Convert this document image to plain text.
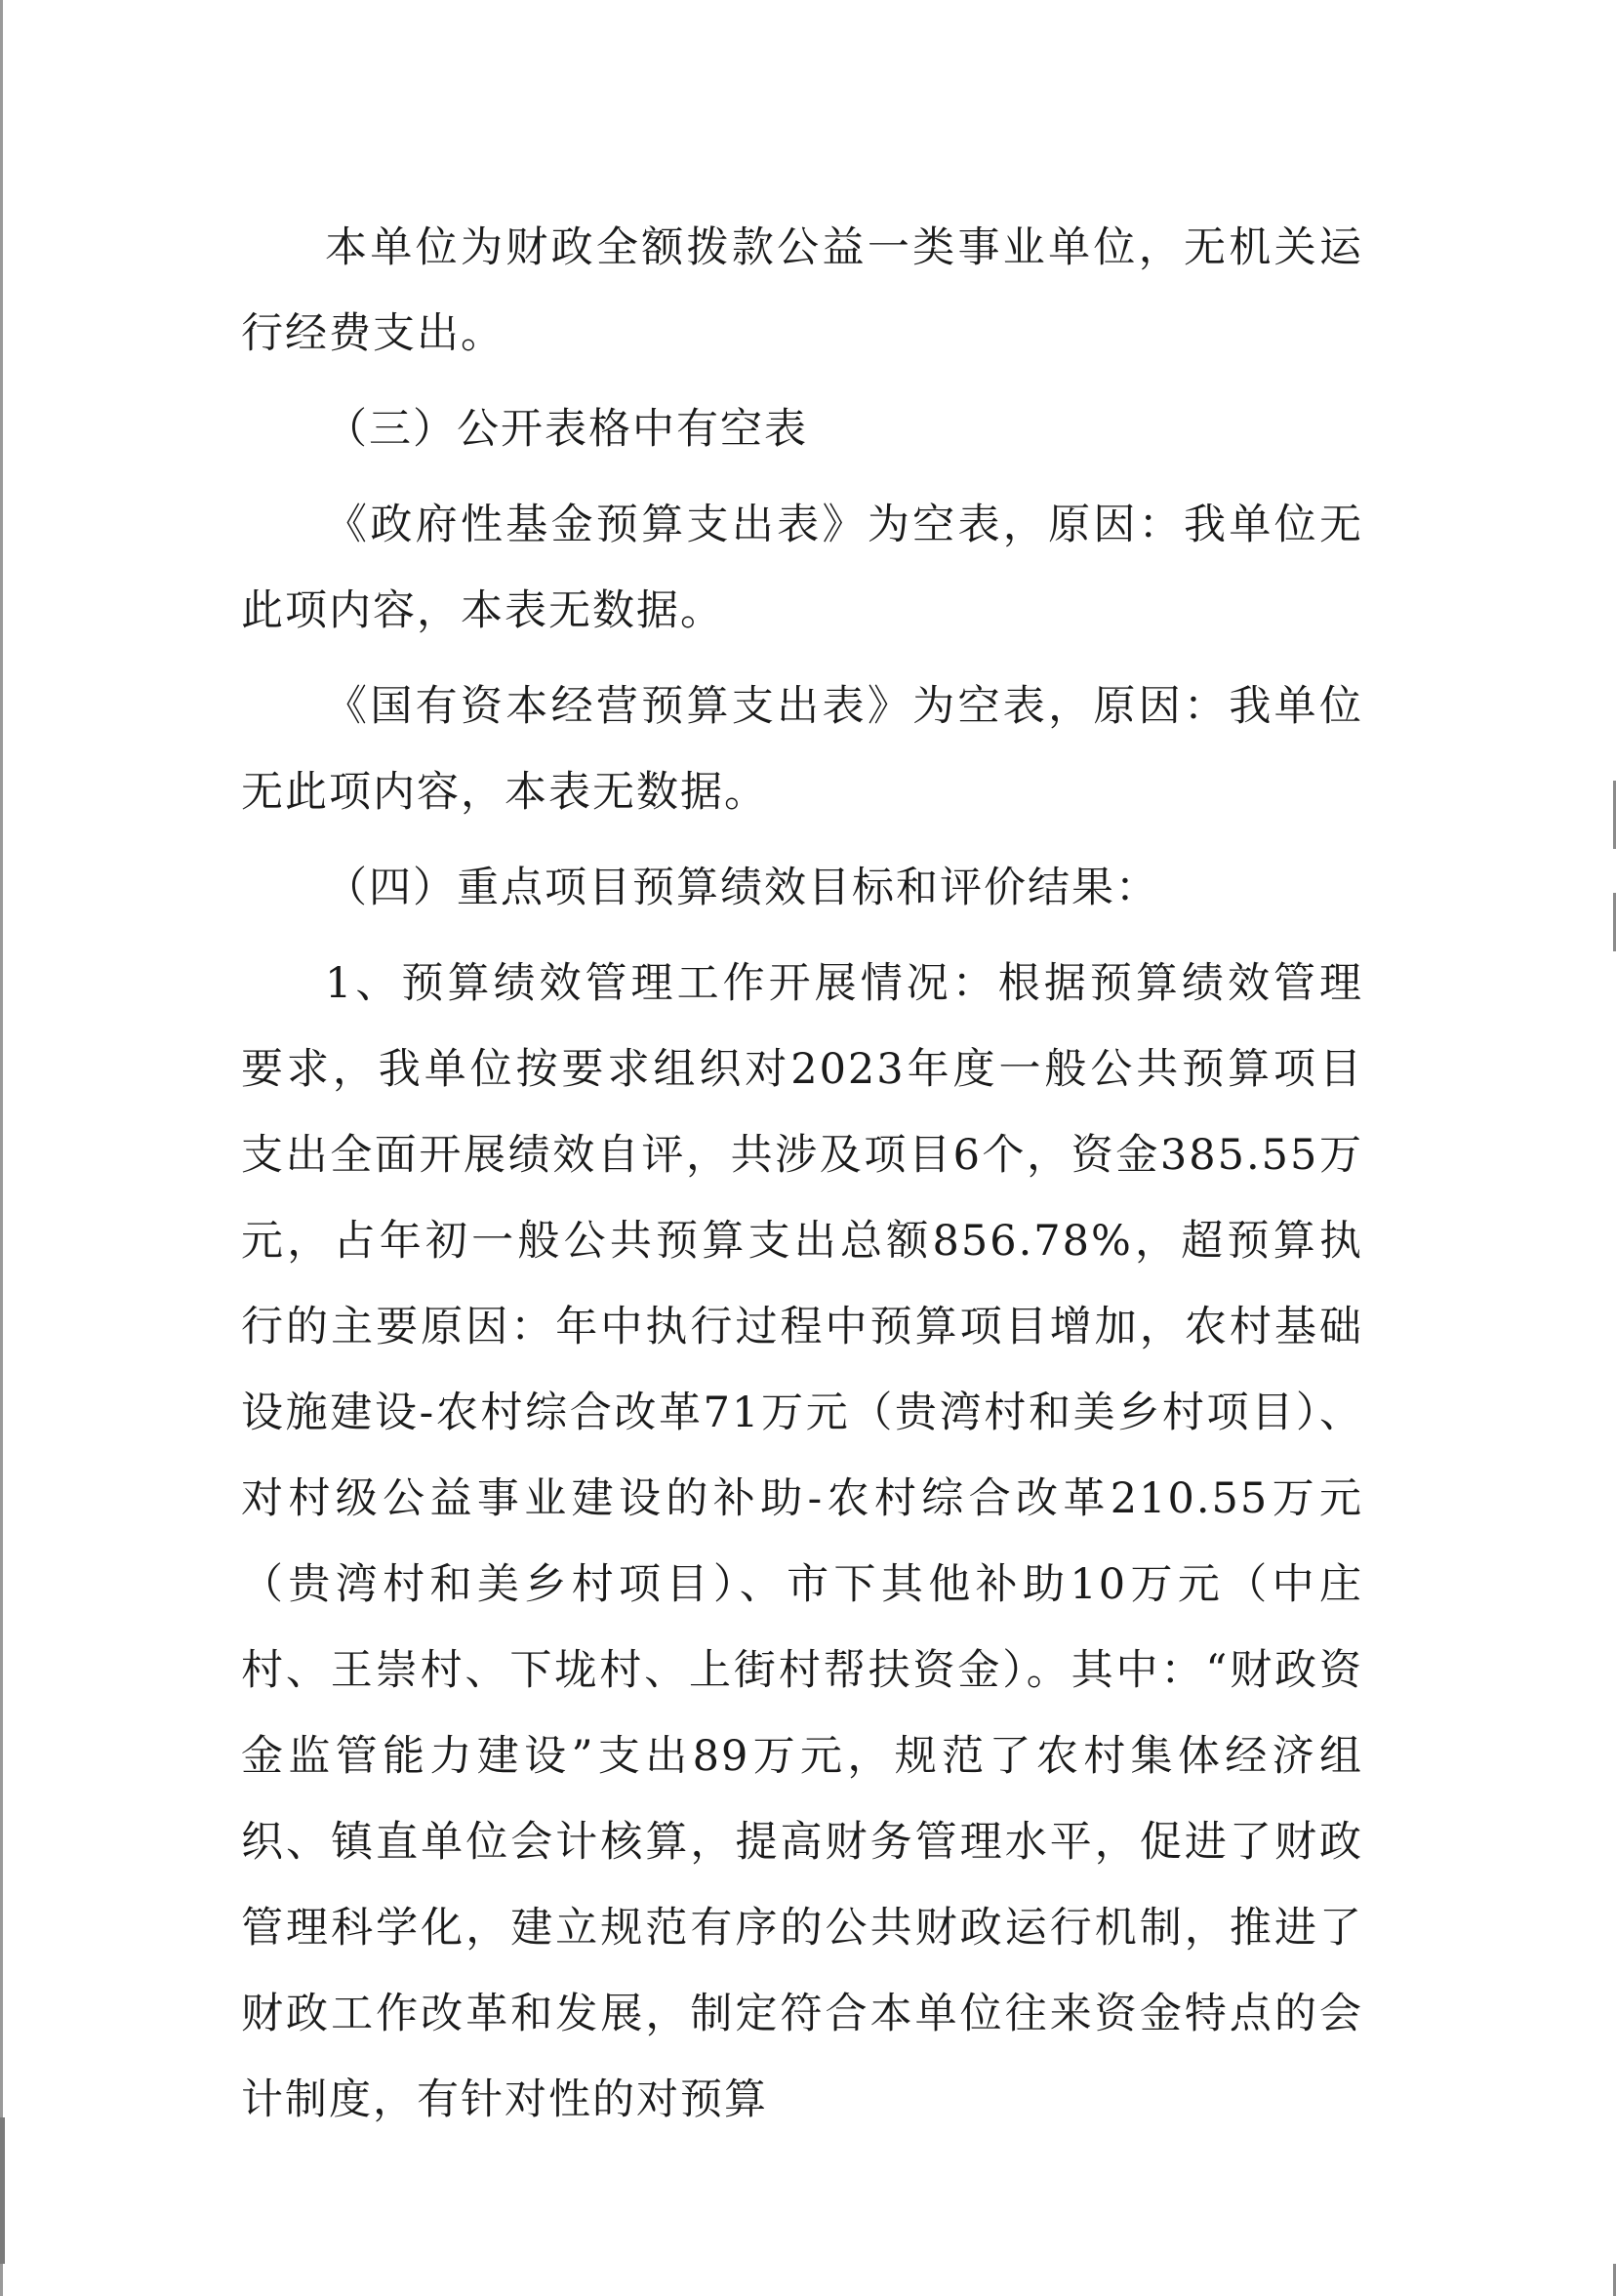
本单位为财政全额拨款公益一类事业单位，无机关运行经费支出。

（三）公开表格中有空表

《政府性基金预算支出表》为空表，原因：我单位无此项内容，本表无数据。

《国有资本经营预算支出表》为空表，原因：我单位无此项内容，本表无数据。

（四）重点项目预算绩效目标和评价结果：

1、预算绩效管理工作开展情况：根据预算绩效管理要求，我单位按要求组织对2023年度一般公共预算项目支出全面开展绩效自评，共涉及项目6个，资金385.55万元，占年初一般公共预算支出总额856.78%，超预算执行的主要原因：年中执行过程中预算项目增加，农村基础设施建设-农村综合改革71万元（贵湾村和美乡村项目）、对村级公益事业建设的补助-农村综合改革210.55万元（贵湾村和美乡村项目）、市下其他补助10万元（中庄村、王崇村、下垅村、上街村帮扶资金）。其中：“财政资金监管能力建设”支出89万元，规范了农村集体经济组织、镇直单位会计核算，提高财务管理水平，促进了财政管理科学化，建立规范有序的公共财政运行机制，推进了财政工作改革和发展，制定符合本单位往来资金特点的会计制度，有针对性的对预算
